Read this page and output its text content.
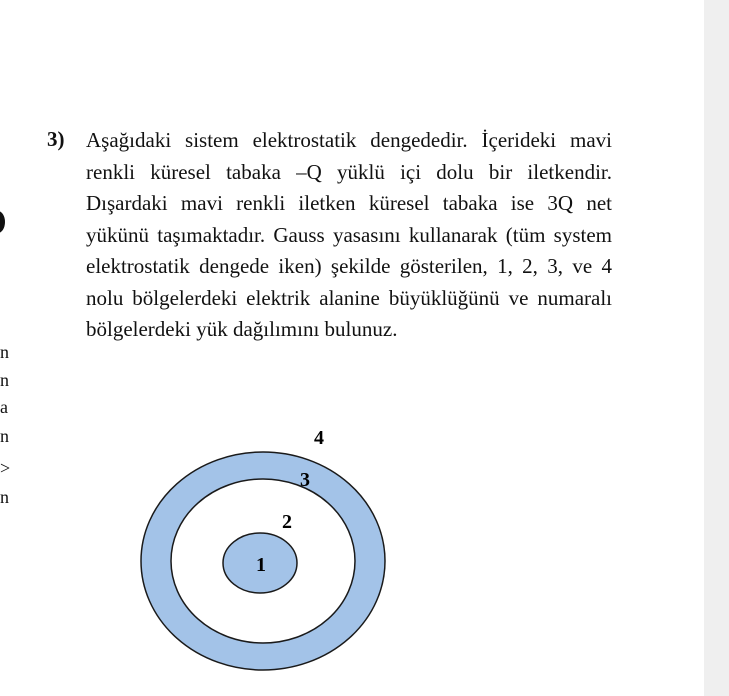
n
n
a
n
>
n
3) Aşağıdaki sistem elektrostatik dengededir. İçerideki mavi renkli küresel tabaka –Q yüklü içi dolu bir iletkendir. Dışardaki mavi renkli iletken küresel tabaka ise 3Q net yükünü taşımaktadır. Gauss yasasını kullanarak (tüm system elektrostatik dengede iken) şekilde gösterilen, 1, 2, 3, ve 4 nolu bölgelerdeki elektrik alanine büyüklüğünü ve numaralı bölgelerdeki yük dağılımını bulunuz.

1
2
3
4
